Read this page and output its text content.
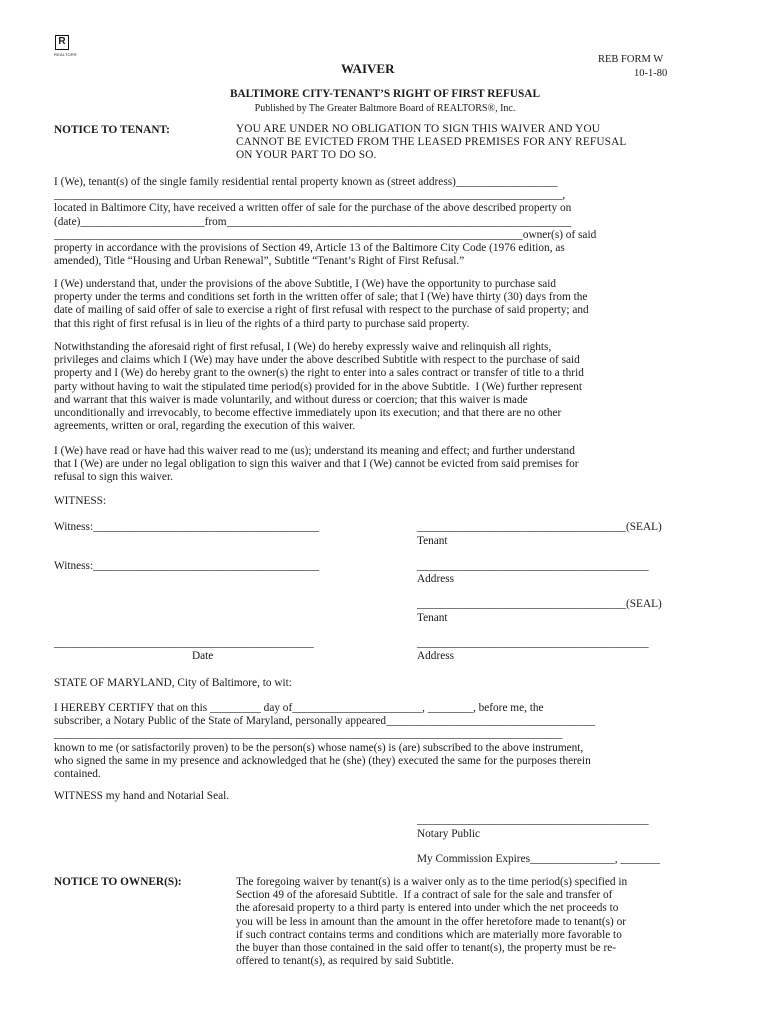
R
REALTOR®	REB FORM W
10-1-80
WAIVER
BALTIMORE CITY-TENANT’S RIGHT OF FIRST REFUSAL
Published by The Greater Baltmore Board of REALTORS®, Inc.
NOTICE TO TENANT:	YOU ARE UNDER NO OBLIGATION TO SIGN THIS WAIVER AND YOU
CANNOT BE EVICTED FROM THE LEASED PREMISES FOR ANY REFUSAL
ON YOUR PART TO DO SO.
I (We), tenant(s) of the single family residential rental property known as (street address)__________________
__________________________________________________________________________________________,
located in Baltimore City, have received a written offer of sale for the purchase of the above described property on
(date)______________________from_____________________________________________________________
___________________________________________________________________________________owner(s) of said
property in accordance with the provisions of Section 49, Article 13 of the Baltimore City Code (1976 edition, as
amended), Title “Housing and Urban Renewal”, Subtitle “Tenant’s Right of First Refusal.”
I (We) understand that, under the provisions of the above Subtitle, I (We) have the opportunity to purchase said
property under the terms and conditions set forth in the written offer of sale; that I (We) have thirty (30) days from the
date of mailing of said offer of sale to exercise a right of first refusal with respect to the purchase of said property; and
that this right of first refusal is in lieu of the rights of a third party to purchase said property.
Notwithstanding the aforesaid right of first refusal, I (We) do hereby expressly waive and relinquish all rights,
privileges and claims which I (We) may have under the above described Subtitle with respect to the purchase of said
property and I (We) do hereby grant to the owner(s) the right to enter into a sales contract or transfer of title to a thrid
party without having to wait the stipulated time period(s) provided for in the above Subtitle.  I (We) further represent
and warrant that this waiver is made voluntarily, and without duress or coercion; that this waiver is made
unconditionally and irrevocably, to become effective immediately upon its execution; and that there are no other
agreements, written or oral, regarding the execution of this waiver.
I (We) have read or have had this waiver read to me (us); understand its meaning and effect; and further understand
that I (We) are under no legal obligation to sign this waiver and that I (We) cannot be evicted from said premises for
refusal to sign this waiver.
WITNESS:
Witness:________________________________________	_____________________________________(SEAL)
Tenant
Witness:________________________________________	_________________________________________
Address
_____________________________________(SEAL)
Tenant
______________________________________________
Date
_________________________________________
Address
STATE OF MARYLAND, City of Baltimore, to wit:
I HEREBY CERTIFY that on this _________ day of_______________________, ________, before me, the
subscriber, a Notary Public of the State of Maryland, personally appeared_____________________________________
__________________________________________________________________________________________
known to me (or satisfactorily proven) to be the person(s) whose name(s) is (are) subscribed to the above instrument,
who signed the same in my presence and acknowledged that he (she) (they) executed the same for the purposes therein
contained.
WITNESS my hand and Notarial Seal.
_________________________________________
Notary Public
My Commission Expires_______________, _______
NOTICE TO OWNER(S):	The foregoing waiver by tenant(s) is a waiver only as to the time period(s) specified in
Section 49 of the aforesaid Subtitle.  If a contract of sale for the sale and transfer of
the aforesaid property to a third party is entered into under which the net proceeds to
you will be less in amount than the amount in the offer heretofore made to tenant(s) or
if such contract contains terms and conditions which are materially more favorable to
the buyer than those contained in the said offer to tenant(s), the property must be re-
offered to tenant(s), as required by said Subtitle.
